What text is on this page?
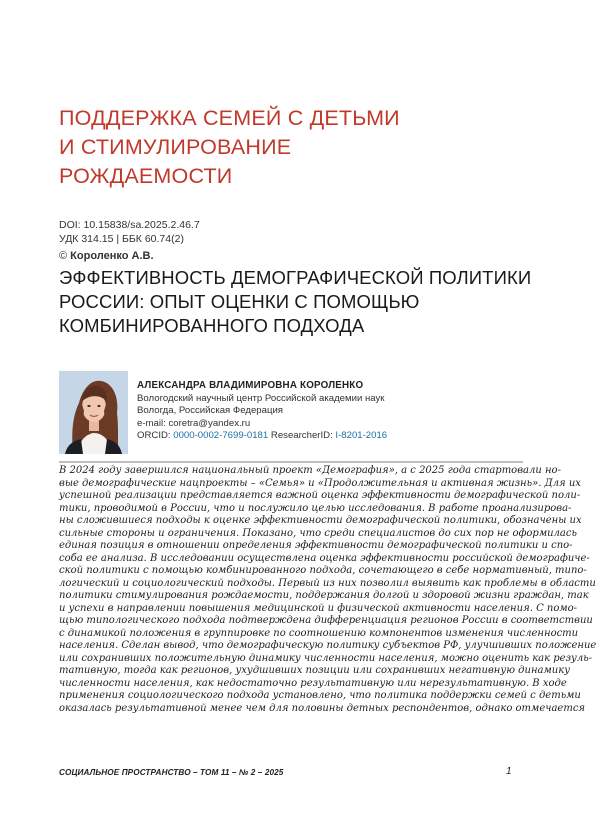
ПОДДЕРЖКА СЕМЕЙ С ДЕТЬМИ
И СТИМУЛИРОВАНИЕ
РОЖДАЕМОСТИ
DOI: 10.15838/sa.2025.2.46.7
УДК 314.15 | ББК 60.74(2)
© Короленко А.В.
ЭФФЕКТИВНОСТЬ ДЕМОГРАФИЧЕСКОЙ ПОЛИТИКИ
РОССИИ: ОПЫТ ОЦЕНКИ С ПОМОЩЬЮ
КОМБИНИРОВАННОГО ПОДХОДА
АЛЕКСАНДРА ВЛАДИМИРОВНА КОРОЛЕНКО
Вологодский научный центр Российской академии наук
Вологда, Российская Федерация
e-mail: coretra@yandex.ru
ORCID: 0000-0002-7699-0181 ResearcherID: I-8201-2016
В 2024 году завершился национальный проект «Демография», а с 2025 года стартовали но-
вые демографические нацпроекты – «Семья» и «Продолжительная и активная жизнь». Для их
успешной реализации представляется важной оценка эффективности демографической поли-
тики, проводимой в России, что и послужило целью исследования. В работе проанализирова-
ны сложившиеся подходы к оценке эффективности демографической политики, обозначены их
сильные стороны и ограничения. Показано, что среди специалистов до сих пор не оформилась
единая позиция в отношении определения эффективности демографической политики и спо-
соба ее анализа. В исследовании осуществлена оценка эффективности российской демографиче-
ской политики с помощью комбинированного подхода, сочетающего в себе нормативный, типо-
логический и социологический подходы. Первый из них позволил выявить как проблемы в области
политики стимулирования рождаемости, поддержания долгой и здоровой жизни граждан, так
и успехи в направлении повышения медицинской и физической активности населения. С помо-
щью типологического подхода подтверждена дифференциация регионов России в соответствии
с динамикой положения в группировке по соотношению компонентов изменения численности
населения. Сделан вывод, что демографическую политику субъектов РФ, улучшивших положение
или сохранивших положительную динамику численности населения, можно оценить как резуль-
тативную, тогда как регионов, ухудшивших позиции или сохранивших негативную динамику
численности населения, как недостаточно результативную или нерезультативную. В ходе
применения социологического подхода установлено, что политика поддержки семей с детьми
оказалась результативной менее чем для половины детных респондентов, однако отмечается
СОЦИАЛЬНОЕ ПРОСТРАНСТВО – ТОМ 11 – № 2 – 2025	1
